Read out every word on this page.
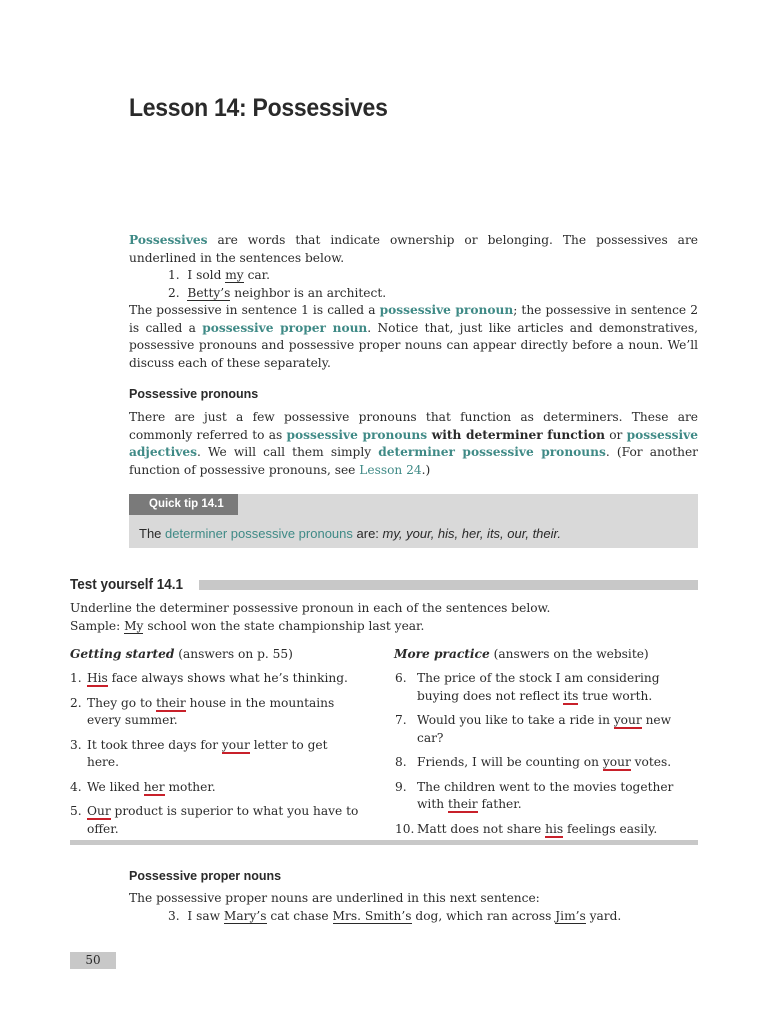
Lesson 14: Possessives
Possessives are words that indicate ownership or belonging. The possessives are underlined in the sentences below.
1. I sold my car.
2. Betty’s neighbor is an architect.
The possessive in sentence 1 is called a possessive pronoun; the possessive in sentence 2 is called a possessive proper noun. Notice that, just like articles and demonstratives, possessive pronouns and possessive proper nouns can appear directly before a noun. We’ll discuss each of these separately.
Possessive pronouns
There are just a few possessive pronouns that function as determiners. These are commonly referred to as possessive pronouns with determiner function or possessive adjectives. We will call them simply determiner possessive pronouns. (For another function of possessive pronouns, see Lesson 24.)
Quick tip 14.1
The determiner possessive pronouns are: my, your, his, her, its, our, their.
Test yourself 14.1
Underline the determiner possessive pronoun in each of the sentences below.
Sample: My school won the state championship last year.
Getting started (answers on p. 55)	More practice (answers on the website)
1. His face always shows what he’s thinking.
2. They go to their house in the mountains every summer.
3. It took three days for your letter to get here.
4. We liked her mother.
5. Our product is superior to what you have to offer.
6. The price of the stock I am considering buying does not reflect its true worth.
7. Would you like to take a ride in your new car?
8. Friends, I will be counting on your votes.
9. The children went to the movies together with their father.
10. Matt does not share his feelings easily.
Possessive proper nouns
The possessive proper nouns are underlined in this next sentence:
3. I saw Mary’s cat chase Mrs. Smith’s dog, which ran across Jim’s yard.
50
